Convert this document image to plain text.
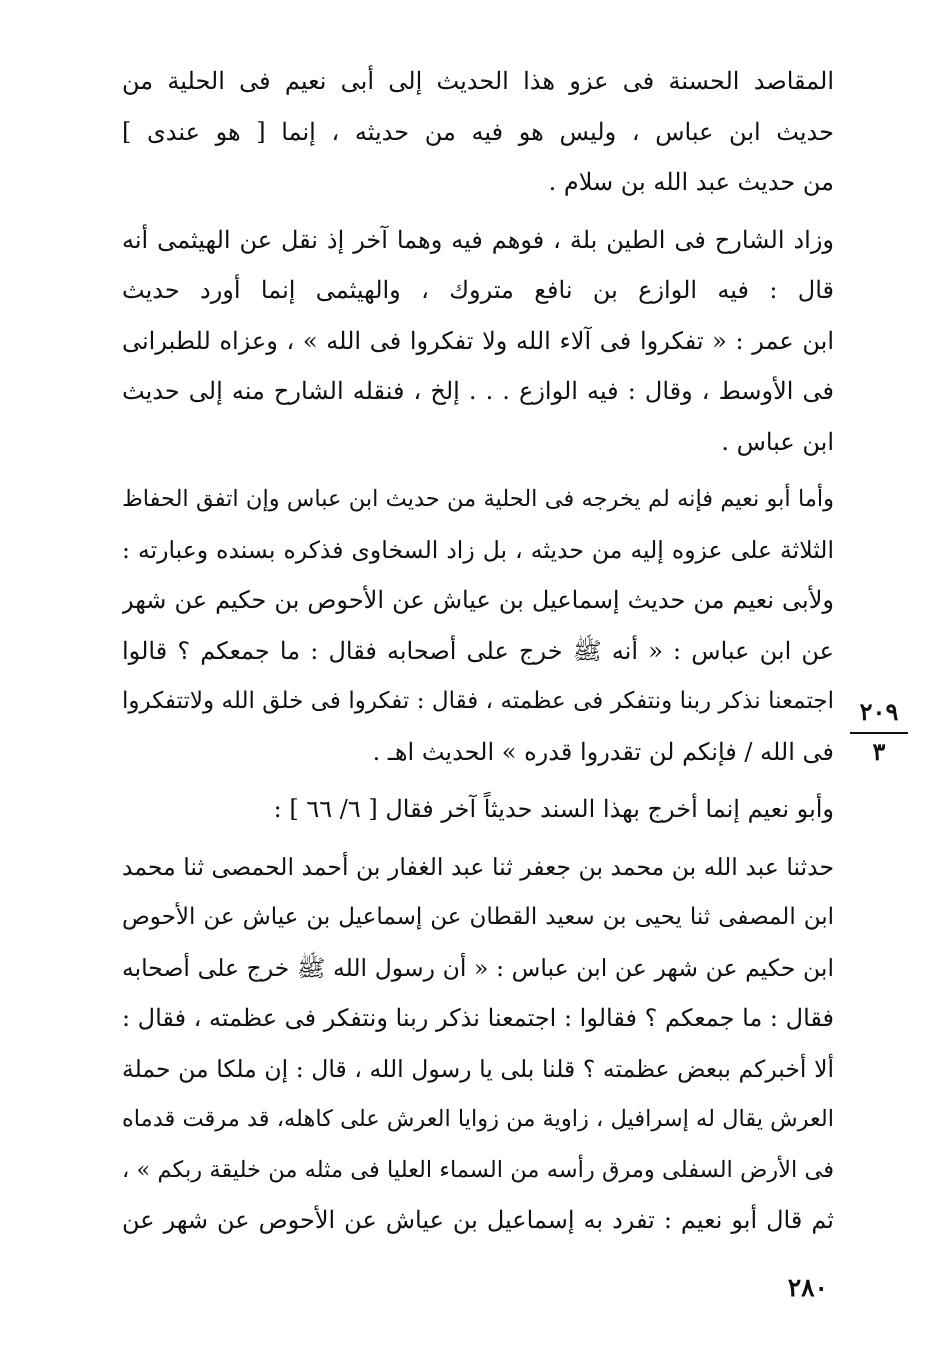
المقاصد الحسنة فى عزو هذا الحديث إلى أبى نعيم فى الحلية من
حديث ابن عباس ، وليس هو فيه من حديثه ، إنما [ هو عندى ]
من حديث عبد الله بن سلام .
وزاد الشارح فى الطين بلة ، فوهم فيه وهما آخر إذ نقل عن الهيثمى أنه
قال : فيه الوازع بن نافع متروك ، والهيثمى إنما أورد حديث
ابن عمر : « تفكروا فى آلاء الله ولا تفكروا فى الله » ، وعزاه للطبرانى
فى الأوسط ، وقال : فيه الوازع . . . إلخ ، فنقله الشارح منه إلى حديث
ابن عباس .
وأما أبو نعيم فإنه لم يخرجه فى الحلية من حديث ابن عباس وإن اتفق الحفاظ
الثلاثة على عزوه إليه من حديثه ، بل زاد السخاوى فذكره بسنده وعبارته :
ولأبى نعيم من حديث إسماعيل بن عياش عن الأحوص بن حكيم عن شهر
عن ابن عباس : « أنه ﷺ خرج على أصحابه فقال : ما جمعكم ؟ قالوا
اجتمعنا نذكر ربنا ونتفكر فى عظمته ، فقال : تفكروا فى خلق الله ولاتتفكروا
فى الله / فإنكم لن تقدروا قدره » الحديث اهـ .
وأبو نعيم إنما أخرج بهذا السند حديثاً آخر فقال [ ٦/ ٦٦ ] :
حدثنا عبد الله بن محمد بن جعفر ثنا عبد الغفار بن أحمد الحمصى ثنا محمد
ابن المصفى ثنا يحيى بن سعيد القطان عن إسماعيل بن عياش عن الأحوص
ابن حكيم عن شهر عن ابن عباس : « أن رسول الله ﷺ خرج على أصحابه
فقال : ما جمعكم ؟ فقالوا : اجتمعنا نذكر ربنا ونتفكر فى عظمته ، فقال :
ألا أخبركم ببعض عظمته ؟ قلنا بلى يا رسول الله ، قال : إن ملكا من حملة
العرش يقال له إسرافيل ، زاوية من زوايا العرش على كاهله، قد مرقت قدماه
فى الأرض السفلى ومرق رأسه من السماء العليا فى مثله من خليقة ربكم » ،
ثم قال أبو نعيم : تفرد به إسماعيل بن عياش عن الأحوص عن شهر عن
٢٠٩
٣
٢٨٠
